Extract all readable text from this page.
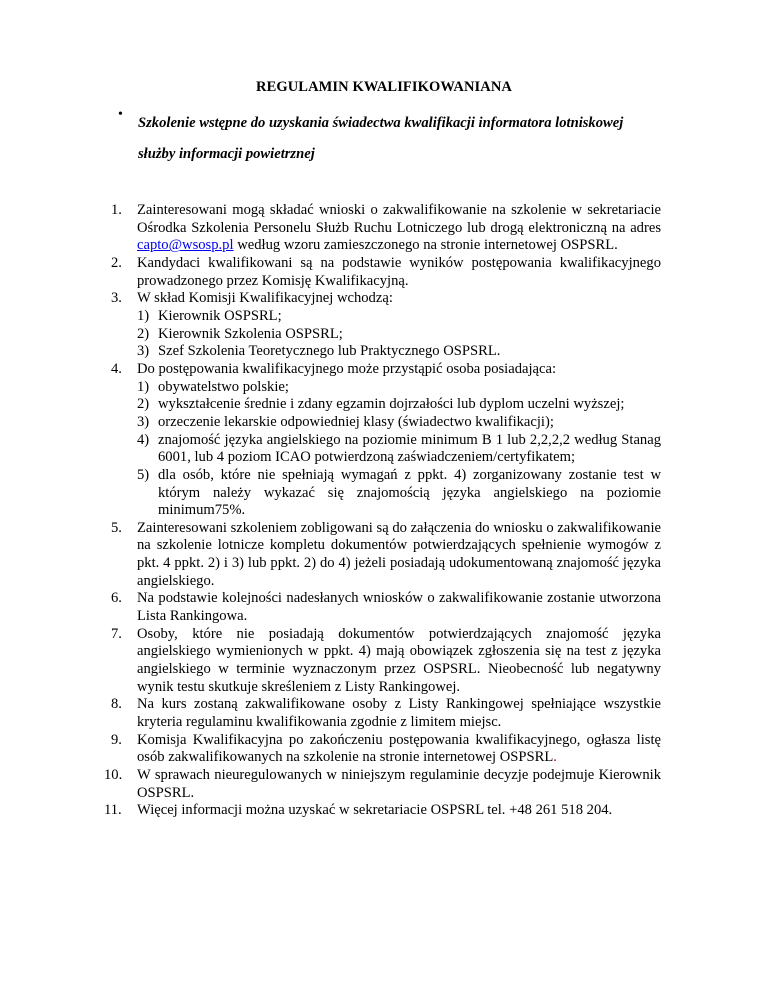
REGULAMIN KWALIFIKOWANIANA
•
Szkolenie wstępne do uzyskania świadectwa kwalifikacji informatora lotniskowej służby informacji powietrznej
1. Zainteresowani mogą składać wnioski o zakwalifikowanie na szkolenie w sekretariacie Ośrodka Szkolenia Personelu Służb Ruchu Lotniczego lub drogą elektroniczną na adres capto@wsosp.pl według wzoru zamieszczonego na stronie internetowej OSPSRL.
2. Kandydaci kwalifikowani są na podstawie wyników postępowania kwalifikacyjnego prowadzonego przez Komisję Kwalifikacyjną.
3. W skład Komisji Kwalifikacyjnej wchodzą:
1) Kierownik OSPSRL;
2) Kierownik Szkolenia OSPSRL;
3) Szef Szkolenia Teoretycznego lub Praktycznego OSPSRL.
4. Do postępowania kwalifikacyjnego może przystąpić osoba posiadająca:
1) obywatelstwo polskie;
2) wykształcenie średnie i zdany egzamin dojrzałości lub dyplom uczelni wyższej;
3) orzeczenie lekarskie odpowiedniej klasy (świadectwo kwalifikacji);
4) znajomość języka angielskiego na poziomie minimum B 1 lub 2,2,2,2 według Stanag 6001, lub 4 poziom ICAO potwierdzoną zaświadczeniem/certyfikatem;
5) dla osób, które nie spełniają wymagań z ppkt. 4) zorganizowany zostanie test w którym należy wykazać się znajomością języka angielskiego na poziomie minimum75%.
5. Zainteresowani szkoleniem zobligowani są do załączenia do wniosku o zakwalifikowanie na szkolenie lotnicze kompletu dokumentów potwierdzających spełnienie wymogów z pkt. 4 ppkt. 2) i 3) lub ppkt. 2) do 4) jeżeli posiadają udokumentowaną znajomość języka angielskiego.
6. Na podstawie kolejności nadesłanych wniosków o zakwalifikowanie zostanie utworzona Lista Rankingowa.
7. Osoby, które nie posiadają dokumentów potwierdzających znajomość języka angielskiego wymienionych w ppkt. 4) mają obowiązek zgłoszenia się na test z języka angielskiego w terminie wyznaczonym przez OSPSRL. Nieobecność lub negatywny wynik testu skutkuje skreśleniem z Listy Rankingowej.
8. Na kurs zostaną zakwalifikowane osoby z Listy Rankingowej spełniające wszystkie kryteria regulaminu kwalifikowania zgodnie z limitem miejsc.
9. Komisja Kwalifikacyjna po zakończeniu postępowania kwalifikacyjnego, ogłasza listę osób zakwalifikowanych na szkolenie na stronie internetowej OSPSRL.
10. W sprawach nieuregulowanych w niniejszym regulaminie decyzje podejmuje Kierownik OSPSRL.
11. Więcej informacji można uzyskać w sekretariacie OSPSRL tel. +48 261 518 204.
